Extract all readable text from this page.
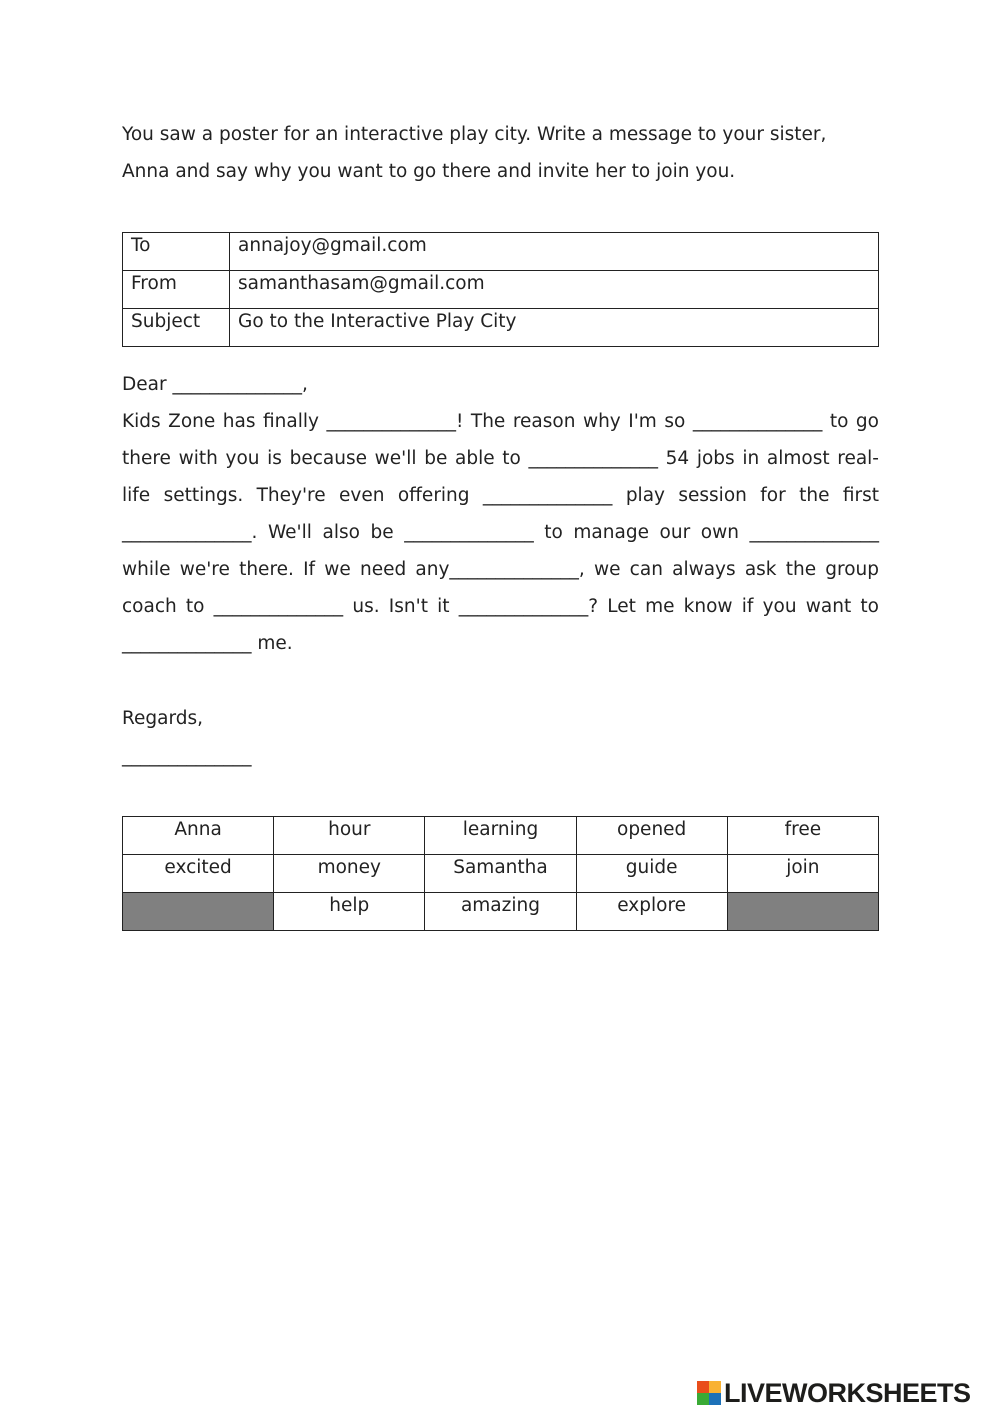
You saw a poster for an interactive play city. Write a message to your sister,
Anna and say why you want to go there and invite her to join you.
To	annajoy@gmail.com
From	samanthasam@gmail.com
Subject	Go to the Interactive Play City
Dear ______________,
Kids Zone has finally ______________! The reason why I'm so ______________ to go
there with you is because we'll be able to ______________ 54 jobs in almost real-
life settings. They're even offering ______________ play session for the first
______________. We'll also be ______________ to manage our own ______________
while we're there. If we need any______________, we can always ask the group
coach to ______________ us. Isn't it ______________? Let me know if you want to
______________ me.
Regards,
______________
Anna	hour	learning	opened	free
excited	money	Samantha	guide	join
	help	amazing	explore	
LIVEWORKSHEETS
